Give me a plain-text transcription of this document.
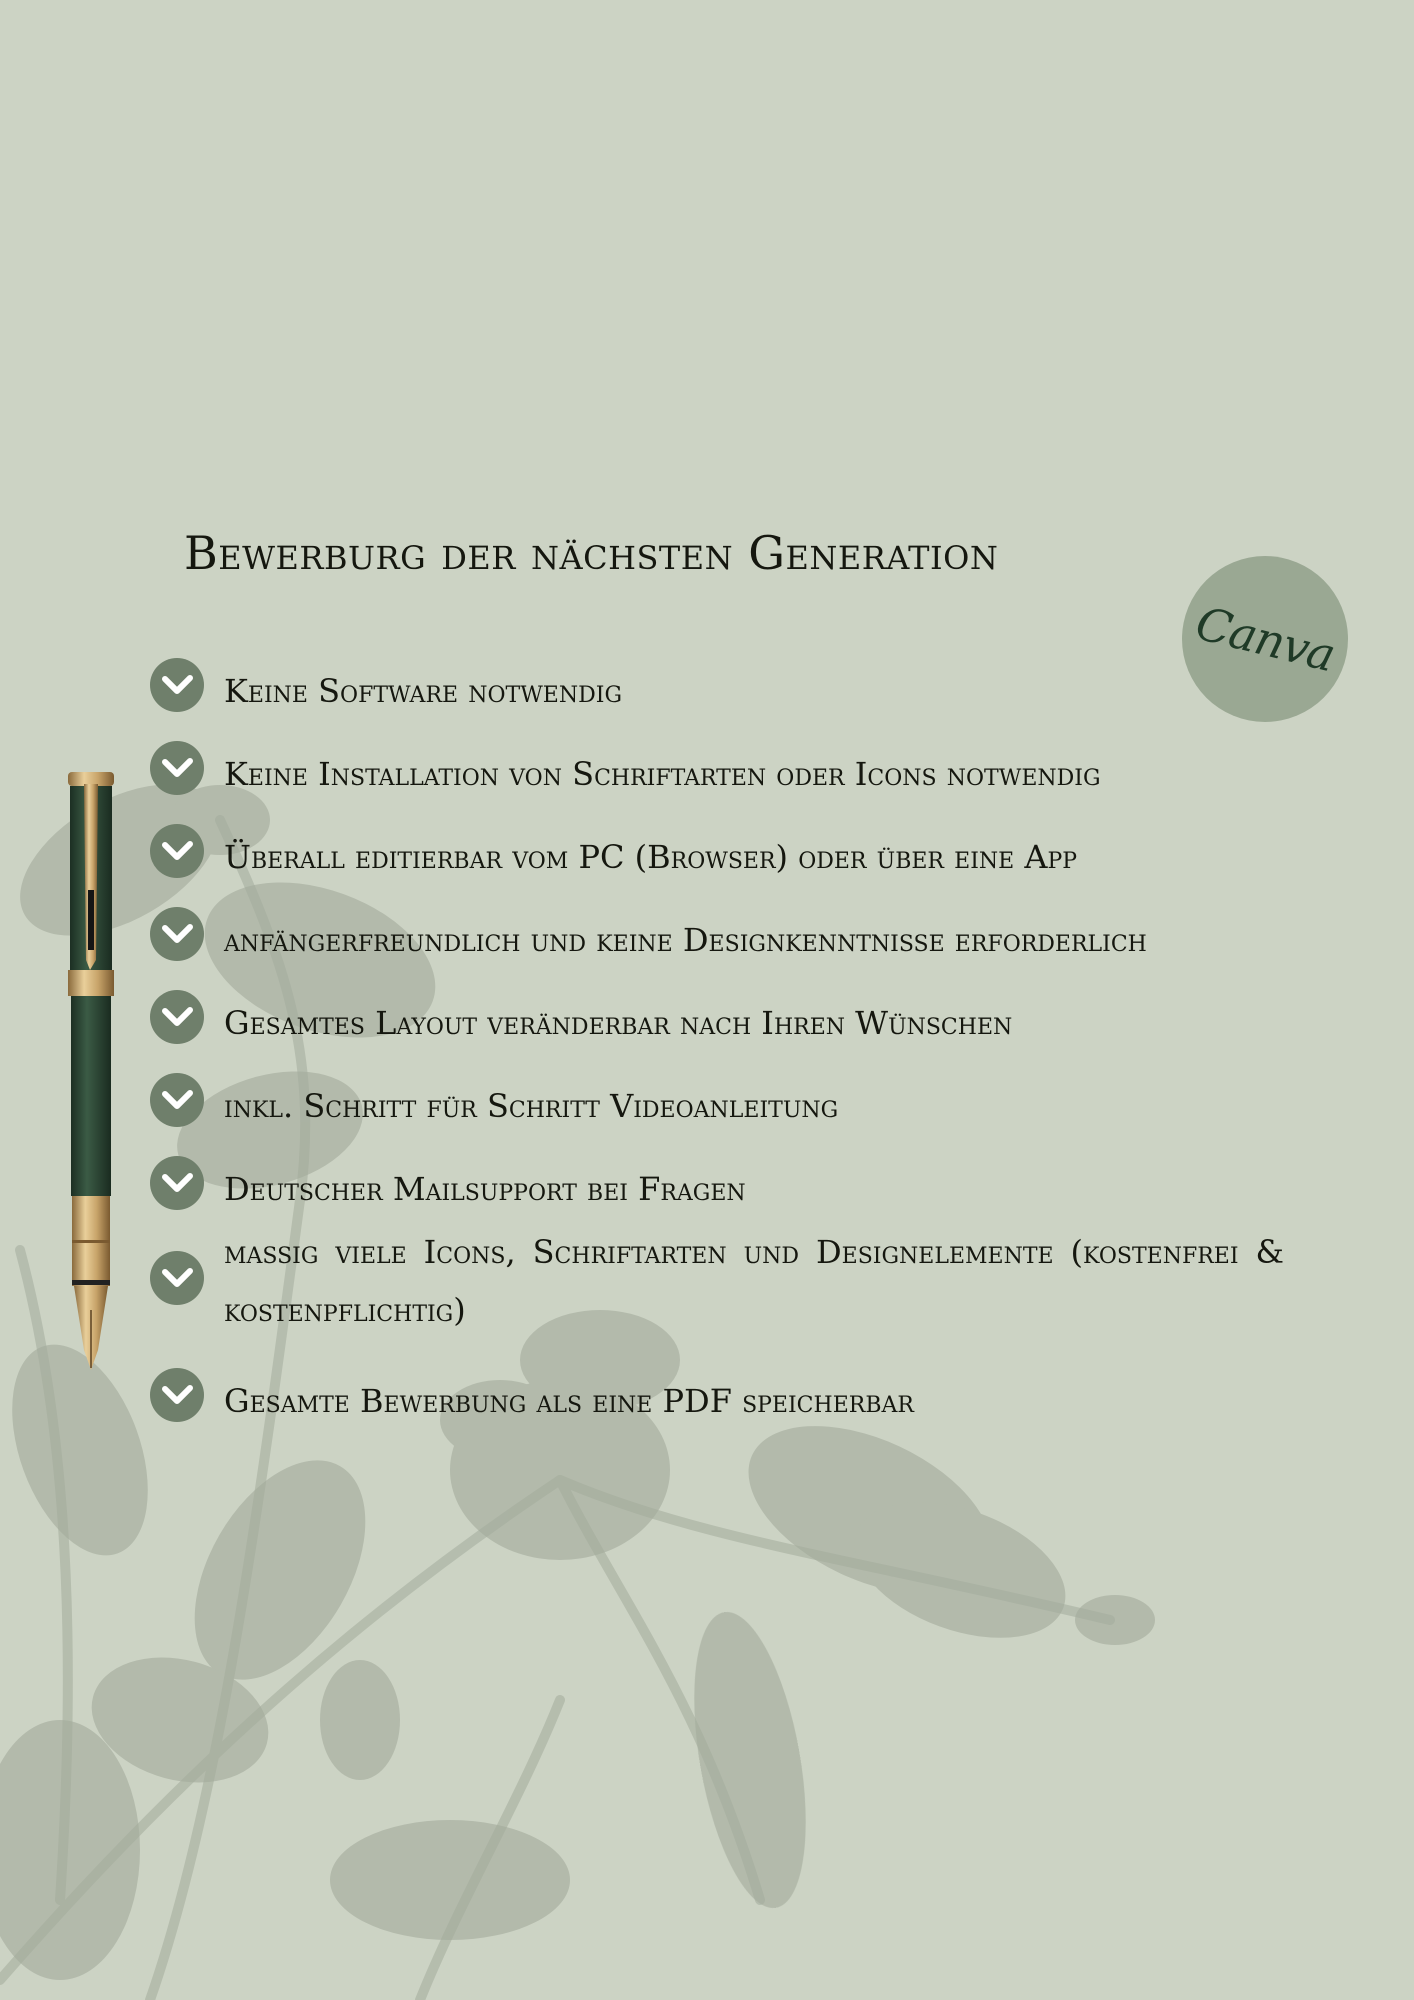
Bewerburg der nächsten Generation
Canva
Keine Software notwendig
Keine Installation von Schriftarten oder Icons notwendig
Überall editierbar vom PC (Browser) oder über eine App
anfängerfreundlich und keine Designkenntnisse erforderlich
Gesamtes Layout veränderbar nach Ihren Wünschen
inkl. Schritt für Schritt Videoanleitung
Deutscher Mailsupport bei Fragen
massig viele Icons, Schriftarten und Designelemente (kostenfrei & kostenpflichtig)
Gesamte Bewerbung als eine PDF speicherbar
